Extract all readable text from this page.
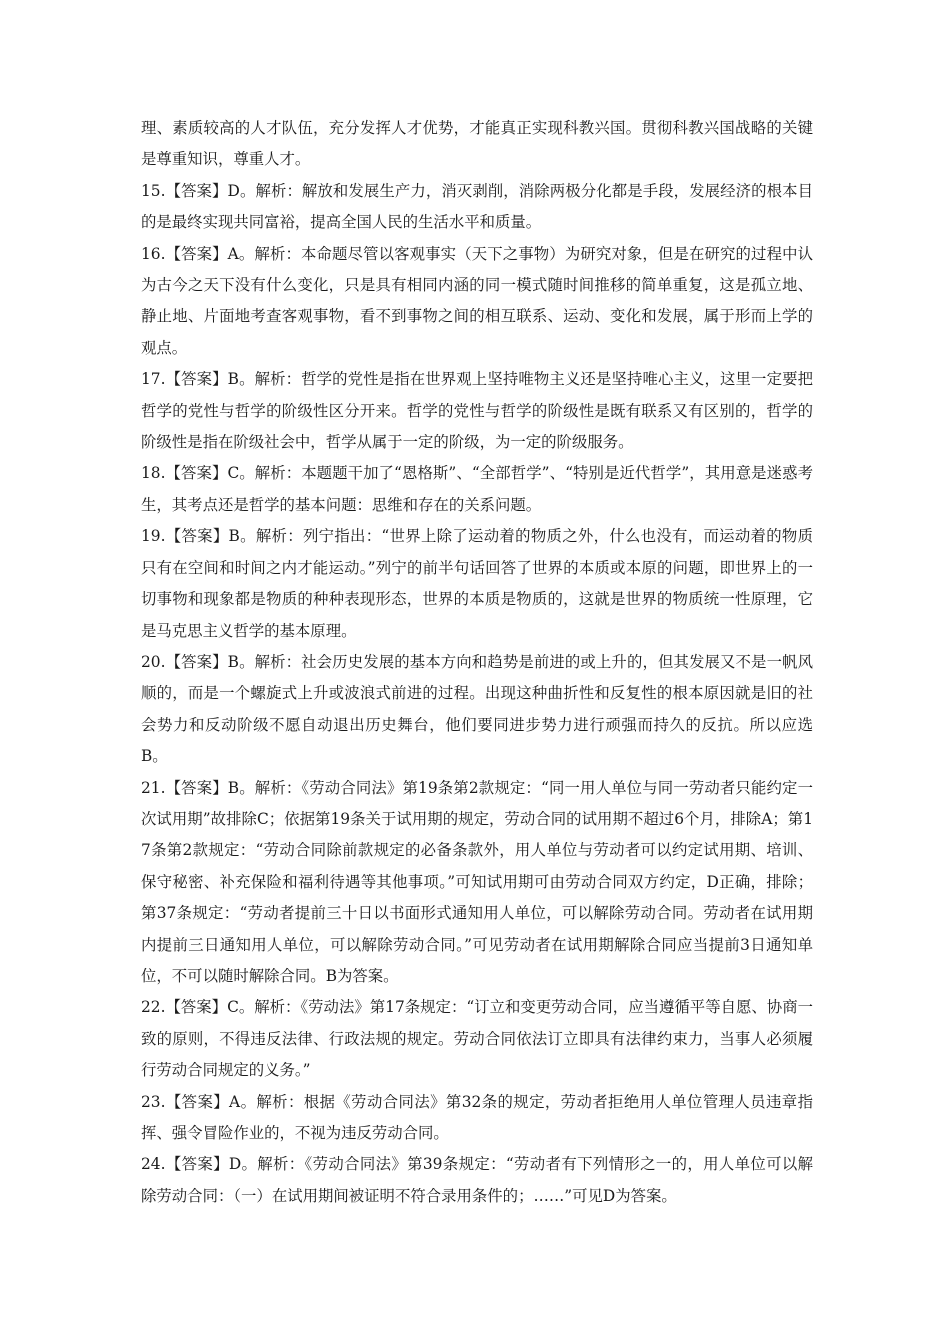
理、素质较高的人才队伍，充分发挥人才优势，才能真正实现科教兴国。贯彻科教兴国战略的关键是尊重知识，尊重人才。

15.【答案】D。解析：解放和发展生产力，消灭剥削，消除两极分化都是手段，发展经济的根本目的是最终实现共同富裕，提高全国人民的生活水平和质量。

16.【答案】A。解析：本命题尽管以客观事实（天下之事物）为研究对象，但是在研究的过程中认为古今之天下没有什么变化，只是具有相同内涵的同一模式随时间推移的简单重复，这是孤立地、静止地、片面地考查客观事物，看不到事物之间的相互联系、运动、变化和发展，属于形而上学的观点。

17.【答案】B。解析：哲学的党性是指在世界观上坚持唯物主义还是坚持唯心主义，这里一定要把哲学的党性与哲学的阶级性区分开来。哲学的党性与哲学的阶级性是既有联系又有区别的，哲学的阶级性是指在阶级社会中，哲学从属于一定的阶级，为一定的阶级服务。

18.【答案】C。解析：本题题干加了“恩格斯”、“全部哲学”、“特别是近代哲学”，其用意是迷惑考生，其考点还是哲学的基本问题：思维和存在的关系问题。

19.【答案】B。解析：列宁指出：“世界上除了运动着的物质之外，什么也没有，而运动着的物质只有在空间和时间之内才能运动。”列宁的前半句话回答了世界的本质或本原的问题，即世界上的一切事物和现象都是物质的种种表现形态，世界的本质是物质的，这就是世界的物质统一性原理，它是马克思主义哲学的基本原理。

20.【答案】B。解析：社会历史发展的基本方向和趋势是前进的或上升的，但其发展又不是一帆风顺的，而是一个螺旋式上升或波浪式前进的过程。出现这种曲折性和反复性的根本原因就是旧的社会势力和反动阶级不愿自动退出历史舞台，他们要同进步势力进行顽强而持久的反抗。所以应选B。

21.【答案】B。解析：《劳动合同法》第19条第2款规定：“同一用人单位与同一劳动者只能约定一次试用期”故排除C；依据第19条关于试用期的规定，劳动合同的试用期不超过6个月，排除A；第17条第2款规定：“劳动合同除前款规定的必备条款外，用人单位与劳动者可以约定试用期、培训、保守秘密、补充保险和福利待遇等其他事项。”可知试用期可由劳动合同双方约定，D正确，排除；第37条规定：“劳动者提前三十日以书面形式通知用人单位，可以解除劳动合同。劳动者在试用期内提前三日通知用人单位，可以解除劳动合同。”可见劳动者在试用期解除合同应当提前3日通知单位，不可以随时解除合同。B为答案。

22.【答案】C。解析：《劳动法》第17条规定：“订立和变更劳动合同，应当遵循平等自愿、协商一致的原则，不得违反法律、行政法规的规定。劳动合同依法订立即具有法律约束力，当事人必须履行劳动合同规定的义务。”

23.【答案】A。解析：根据《劳动合同法》第32条的规定，劳动者拒绝用人单位管理人员违章指挥、强令冒险作业的，不视为违反劳动合同。

24.【答案】D。解析：《劳动合同法》第39条规定：“劳动者有下列情形之一的，用人单位可以解除劳动合同：（一）在试用期间被证明不符合录用条件的；……”可见D为答案。
